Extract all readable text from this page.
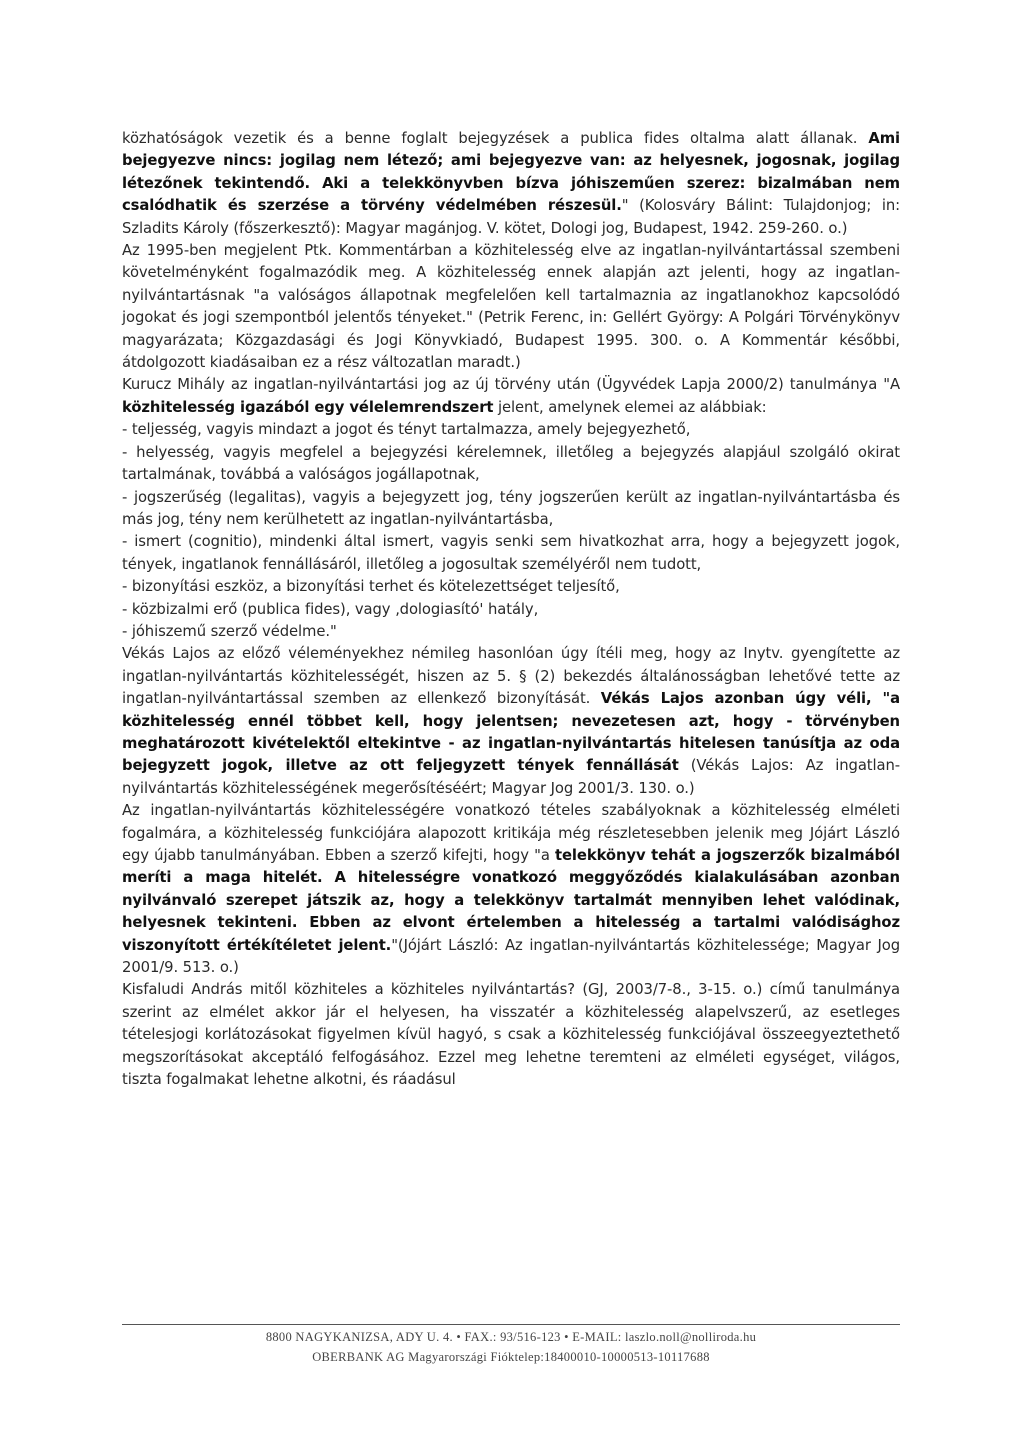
közhatóságok vezetik és a benne foglalt bejegyzések a publica fides oltalma alatt állanak. Ami bejegyezve nincs: jogilag nem létező; ami bejegyezve van: az helyesnek, jogosnak, jogilag létezőnek tekintendő. Aki a telekkönyvben bízva jóhiszeműen szerez: bizalmában nem csalódhatik és szerzése a törvény védelmében részesül." (Kolosváry Bálint: Tulajdonjog; in: Szladits Károly (főszerkesztő): Magyar magánjog. V. kötet, Dologi jog, Budapest, 1942. 259-260. o.)

Az 1995-ben megjelent Ptk. Kommentárban a közhitelesség elve az ingatlan-nyilvántartással szembeni követelményként fogalmazódik meg. A közhitelesség ennek alapján azt jelenti, hogy az ingatlan-nyilvántartásnak "a valóságos állapotnak megfelelően kell tartalmaznia az ingatlanokhoz kapcsolódó jogokat és jogi szempontból jelentős tényeket." (Petrik Ferenc, in: Gellért György: A Polgári Törvénykönyv magyarázata; Közgazdasági és Jogi Könyvkiadó, Budapest 1995. 300. o. A Kommentár későbbi, átdolgozott kiadásaiban ez a rész változatlan maradt.)

Kurucz Mihály az ingatlan-nyilvántartási jog az új törvény után (Ügyvédek Lapja 2000/2) tanulmánya "A közhitelesség igazából egy vélelemrendszert jelent, amelynek elemei az alábbiak:

- teljesség, vagyis mindazt a jogot és tényt tartalmazza, amely bejegyezhető,

- helyesség, vagyis megfelel a bejegyzési kérelemnek, illetőleg a bejegyzés alapjául szolgáló okirat tartalmának, továbbá a valóságos jogállapotnak,

- jogszerűség (legalitas), vagyis a bejegyzett jog, tény jogszerűen került az ingatlan-nyilvántartásba és más jog, tény nem kerülhetett az ingatlan-nyilvántartásba,

- ismert (cognitio), mindenki által ismert, vagyis senki sem hivatkozhat arra, hogy a bejegyzett jogok, tények, ingatlanok fennállásáról, illetőleg a jogosultak személyéről nem tudott,

- bizonyítási eszköz, a bizonyítási terhet és kötelezettséget teljesítő,

- közbizalmi erő (publica fides), vagy ‚dologiasító' hatály,

- jóhiszemű szerző védelme."

Vékás Lajos az előző véleményekhez némileg hasonlóan úgy ítéli meg, hogy az Inytv. gyengítette az ingatlan-nyilvántartás közhitelességét, hiszen az 5. § (2) bekezdés általánosságban lehetővé tette az ingatlan-nyilvántartással szemben az ellenkező bizonyítását. Vékás Lajos azonban úgy véli, "a közhitelesség ennél többet kell, hogy jelentsen; nevezetesen azt, hogy - törvényben meghatározott kivételektől eltekintve - az ingatlan-nyilvántartás hitelesen tanúsítja az oda bejegyzett jogok, illetve az ott feljegyzett tények fennállását (Vékás Lajos: Az ingatlan-nyilvántartás közhitelességének megerősítéséért; Magyar Jog 2001/3. 130. o.)

Az ingatlan-nyilvántartás közhitelességére vonatkozó tételes szabályoknak a közhitelesség elméleti fogalmára, a közhitelesség funkciójára alapozott kritikája még részletesebben jelenik meg Jójárt László egy újabb tanulmányában. Ebben a szerző kifejti, hogy "a telekkönyv tehát a jogszerzők bizalmából meríti a maga hitelét. A hitelességre vonatkozó meggyőződés kialakulásában azonban nyilvánvaló szerepet játszik az, hogy a telekkönyv tartalmát mennyiben lehet valódinak, helyesnek tekinteni. Ebben az elvont értelemben a hitelesség a tartalmi valódisághoz viszonyított értékítéletet jelent."(Jójárt László: Az ingatlan-nyilvántartás közhitelessége; Magyar Jog 2001/9. 513. o.)

Kisfaludi András mitől közhiteles a közhiteles nyilvántartás? (GJ, 2003/7-8., 3-15. o.) című tanulmánya szerint az elmélet akkor jár el helyesen, ha visszatér a közhitelesség alapelvszerű, az esetleges tételesjogi korlátozásokat figyelmen kívül hagyó, s csak a közhitelesség funkciójával összeegyeztethető megszorításokat akceptáló felfogásához. Ezzel meg lehetne teremteni az elméleti egységet, világos, tiszta fogalmakat lehetne alkotni, és ráadásul

8800 NAGYKANIZSA, ADY U. 4. • FAX.: 93/516-123 • E-MAIL: laszlo.noll@nolliroda.hu
OBERBANK AG Magyarországi Fióktelep:18400010-10000513-10117688
